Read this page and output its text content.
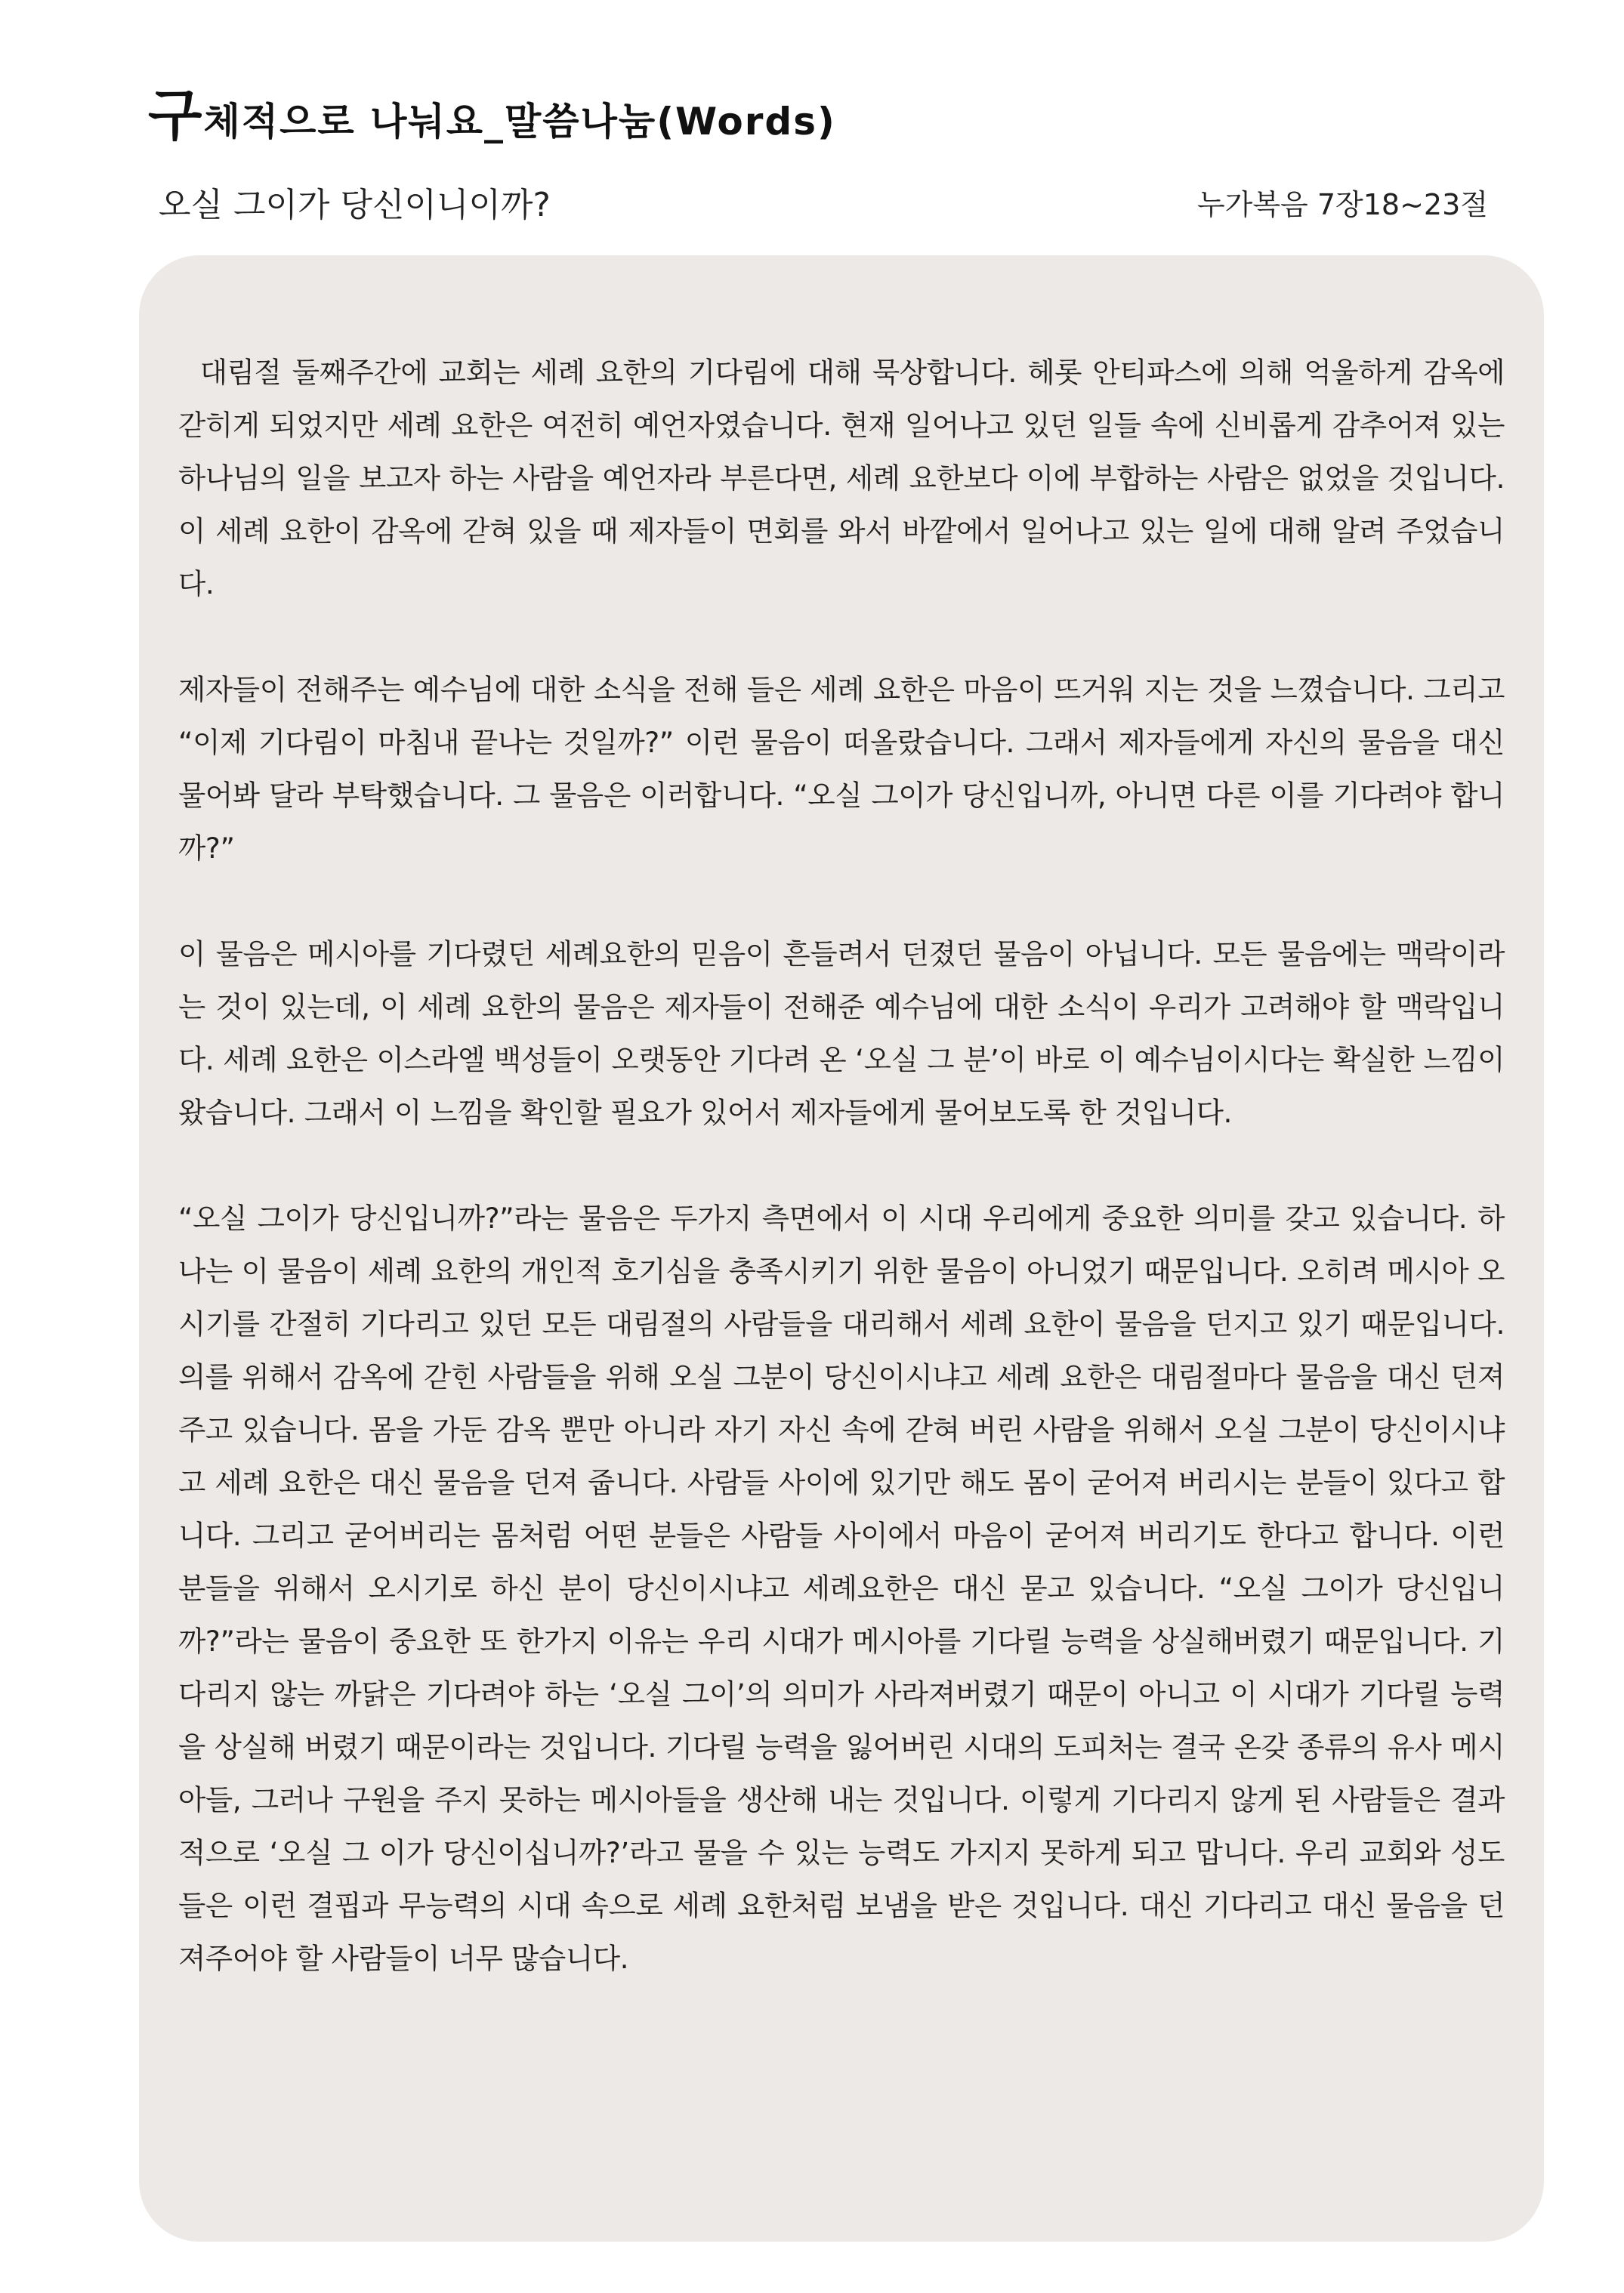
구체적으로 나눠요_말씀나눔(Words)

오실 그이가 당신이니이까?	누가복음 7장18~23절

대림절 둘째주간에 교회는 세례 요한의 기다림에 대해 묵상합니다. 헤롯 안티파스에 의해 억울하게 감옥에 갇히게 되었지만 세례 요한은 여전히 예언자였습니다. 현재 일어나고 있던 일들 속에 신비롭게 감추어져 있는 하나님의 일을 보고자 하는 사람을 예언자라 부른다면, 세례 요한보다 이에 부합하는 사람은 없었을 것입니다. 이 세례 요한이 감옥에 갇혀 있을 때 제자들이 면회를 와서 바깥에서 일어나고 있는 일에 대해 알려 주었습니다.

제자들이 전해주는 예수님에 대한 소식을 전해 들은 세례 요한은 마음이 뜨거워 지는 것을 느꼈습니다. 그리고 “이제 기다림이 마침내 끝나는 것일까?” 이런 물음이 떠올랐습니다. 그래서 제자들에게 자신의 물음을 대신 물어봐 달라 부탁했습니다. 그 물음은 이러합니다. “오실 그이가 당신입니까, 아니면 다른 이를 기다려야 합니까?”

이 물음은 메시아를 기다렸던 세례요한의 믿음이 흔들려서 던졌던 물음이 아닙니다. 모든 물음에는 맥락이라는 것이 있는데, 이 세례 요한의 물음은 제자들이 전해준 예수님에 대한 소식이 우리가 고려해야 할 맥락입니다. 세례 요한은 이스라엘 백성들이 오랫동안 기다려 온 ‘오실 그 분’이 바로 이 예수님이시다는 확실한 느낌이 왔습니다. 그래서 이 느낌을 확인할 필요가 있어서 제자들에게 물어보도록 한 것입니다.

“오실 그이가 당신입니까?”라는 물음은 두가지 측면에서 이 시대 우리에게 중요한 의미를 갖고 있습니다. 하나는 이 물음이 세례 요한의 개인적 호기심을 충족시키기 위한 물음이 아니었기 때문입니다. 오히려 메시아 오시기를 간절히 기다리고 있던 모든 대림절의 사람들을 대리해서 세례 요한이 물음을 던지고 있기 때문입니다. 의를 위해서 감옥에 갇힌 사람들을 위해 오실 그분이 당신이시냐고 세례 요한은 대림절마다 물음을 대신 던져 주고 있습니다. 몸을 가둔 감옥 뿐만 아니라 자기 자신 속에 갇혀 버린 사람을 위해서 오실 그분이 당신이시냐고 세례 요한은 대신 물음을 던져 줍니다. 사람들 사이에 있기만 해도 몸이 굳어져 버리시는 분들이 있다고 합니다. 그리고 굳어버리는 몸처럼 어떤 분들은 사람들 사이에서 마음이 굳어져 버리기도 한다고 합니다. 이런 분들을 위해서 오시기로 하신 분이 당신이시냐고 세례요한은 대신 묻고 있습니다. “오실 그이가 당신입니까?”라는 물음이 중요한 또 한가지 이유는 우리 시대가 메시아를 기다릴 능력을 상실해버렸기 때문입니다. 기다리지 않는 까닭은 기다려야 하는 ‘오실 그이’의 의미가 사라져버렸기 때문이 아니고 이 시대가 기다릴 능력을 상실해 버렸기 때문이라는 것입니다. 기다릴 능력을 잃어버린 시대의 도피처는 결국 온갖 종류의 유사 메시아들, 그러나 구원을 주지 못하는 메시아들을 생산해 내는 것입니다. 이렇게 기다리지 않게 된 사람들은 결과적으로 ‘오실 그 이가 당신이십니까?’라고 물을 수 있는 능력도 가지지 못하게 되고 맙니다. 우리 교회와 성도들은 이런 결핍과 무능력의 시대 속으로 세례 요한처럼 보냄을 받은 것입니다. 대신 기다리고 대신 물음을 던져주어야 할 사람들이 너무 많습니다.
